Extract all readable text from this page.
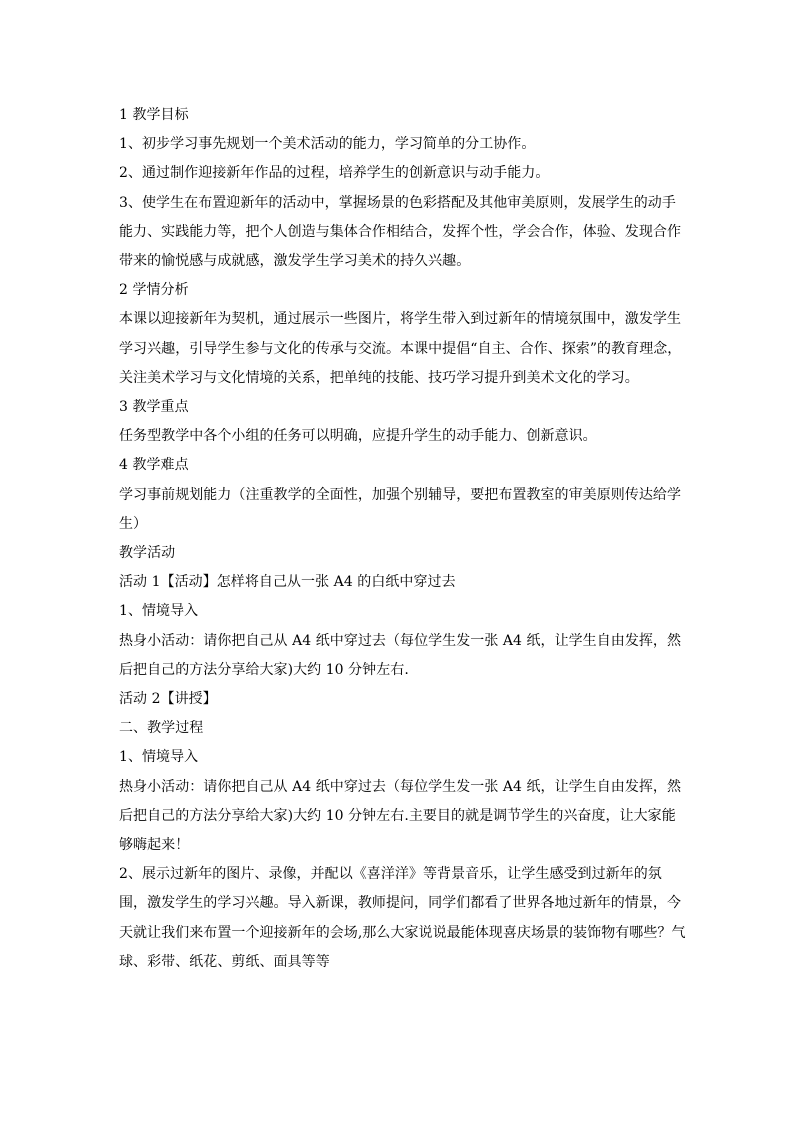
1 教学目标

1、初步学习事先规划一个美术活动的能力，学习简单的分工协作。

2、通过制作迎接新年作品的过程，培养学生的创新意识与动手能力。

3、使学生在布置迎新年的活动中，掌握场景的色彩搭配及其他审美原则，发展学生的动手能力、实践能力等，把个人创造与集体合作相结合，发挥个性，学会合作，体验、发现合作带来的愉悦感与成就感，激发学生学习美术的持久兴趣。

2 学情分析

本课以迎接新年为契机，通过展示一些图片，将学生带入到过新年的情境氛围中，激发学生学习兴趣，引导学生参与文化的传承与交流。本课中提倡“自主、合作、探索”的教育理念，关注美术学习与文化情境的关系，把单纯的技能、技巧学习提升到美术文化的学习。

3 教学重点

任务型教学中各个小组的任务可以明确，应提升学生的动手能力、创新意识。

4 教学难点

学习事前规划能力（注重教学的全面性，加强个别辅导，要把布置教室的审美原则传达给学生）

教学活动

活动 1【活动】怎样将自己从一张 A4 的白纸中穿过去

1、情境导入

热身小活动：请你把自己从 A4 纸中穿过去（每位学生发一张 A4 纸，让学生自由发挥，然后把自己的方法分享给大家)大约 10 分钟左右.

活动 2【讲授】

二、教学过程

1、情境导入

热身小活动：请你把自己从 A4 纸中穿过去（每位学生发一张 A4 纸，让学生自由发挥，然后把自己的方法分享给大家)大约 10 分钟左右.主要目的就是调节学生的兴奋度，让大家能够嗨起来！

2、展示过新年的图片、录像，并配以《喜洋洋》等背景音乐，让学生感受到过新年的氛围，激发学生的学习兴趣。导入新课，教师提问，同学们都看了世界各地过新年的情景，今天就让我们来布置一个迎接新年的会场,那么大家说说最能体现喜庆场景的装饰物有哪些？气球、彩带、纸花、剪纸、面具等等
